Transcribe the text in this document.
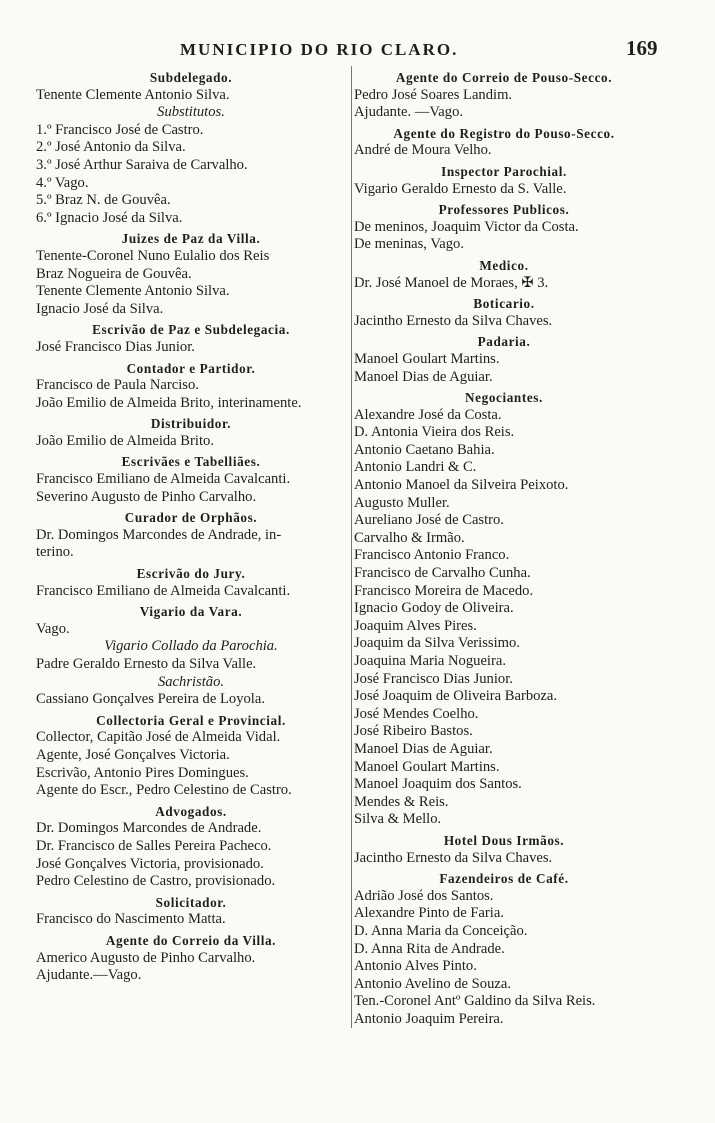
MUNICIPIO DO RIO CLARO.	169
Subdelegado.
Tenente Clemente Antonio Silva.
Substitutos.
1.º Francisco José de Castro.
2.º José Antonio da Silva.
3.º José Arthur Saraiva de Carvalho.
4.º Vago.
5.º Braz N. de Gouvêa.
6.º Ignacio José da Silva.
Juizes de Paz da Villa.
Tenente-Coronel Nuno Eulalio dos Reis
Braz Nogueira de Gouvêa.
Tenente Clemente Antonio Silva.
Ignacio José da Silva.
Escrivão de Paz e Subdelegacia.
José Francisco Dias Junior.
Contador e Partidor.
Francisco de Paula Narciso.
João Emilio de Almeida Brito, interinamente.
Distribuidor.
João Emilio de Almeida Brito.
Escrivães e Tabelliães.
Francisco Emiliano de Almeida Cavalcanti.
Severino Augusto de Pinho Carvalho.
Curador de Orphãos.
Dr. Domingos Marcondes de Andrade, in-
terino.
Escrivão do Jury.
Francisco Emiliano de Almeida Cavalcanti.
Vigario da Vara.
Vago.
Vigario Collado da Parochia.
Padre Geraldo Ernesto da Silva Valle.
Sachristão.
Cassiano Gonçalves Pereira de Loyola.
Collectoria Geral e Provincial.
Collector, Capitão José de Almeida Vidal.
Agente, José Gonçalves Victoria.
Escrivão, Antonio Pires Domingues.
Agente do Escr., Pedro Celestino de Castro.
Advogados.
Dr. Domingos Marcondes de Andrade.
Dr. Francisco de Salles Pereira Pacheco.
José Gonçalves Victoria, provisionado.
Pedro Celestino de Castro, provisionado.
Solicitador.
Francisco do Nascimento Matta.
Agente do Correio da Villa.
Americo Augusto de Pinho Carvalho.
Ajudante.—Vago.
Agente do Correio de Pouso-Secco.
Pedro José Soares Landim.
Ajudante. —Vago.
Agente do Registro do Pouso-Secco.
André de Moura Velho.
Inspector Parochial.
Vigario Geraldo Ernesto da S. Valle.
Professores Publicos.
De meninos, Joaquim Victor da Costa.
De meninas, Vago.
Medico.
Dr. José Manoel de Moraes, ✠ 3.
Boticario.
Jacintho Ernesto da Silva Chaves.
Padaria.
Manoel Goulart Martins.
Manoel Dias de Aguiar.
Negociantes.
Alexandre José da Costa.
D. Antonia Vieira dos Reis.
Antonio Caetano Bahia.
Antonio Landri & C.
Antonio Manoel da Silveira Peixoto.
Augusto Muller.
Aureliano José de Castro.
Carvalho & Irmão.
Francisco Antonio Franco.
Francisco de Carvalho Cunha.
Francisco Moreira de Macedo.
Ignacio Godoy de Oliveira.
Joaquim Alves Pires.
Joaquim da Silva Verissimo.
Joaquina Maria Nogueira.
José Francisco Dias Junior.
José Joaquim de Oliveira Barboza.
José Mendes Coelho.
José Ribeiro Bastos.
Manoel Dias de Aguiar.
Manoel Goulart Martins.
Manoel Joaquim dos Santos.
Mendes & Reis.
Silva & Mello.
Hotel Dous Irmãos.
Jacintho Ernesto da Silva Chaves.
Fazendeiros de Café.
Adrião José dos Santos.
Alexandre Pinto de Faria.
D. Anna Maria da Conceição.
D. Anna Rita de Andrade.
Antonio Alves Pinto.
Antonio Avelino de Souza.
Ten.-Coronel Antº Galdino da Silva Reis.
Antonio Joaquim Pereira.
